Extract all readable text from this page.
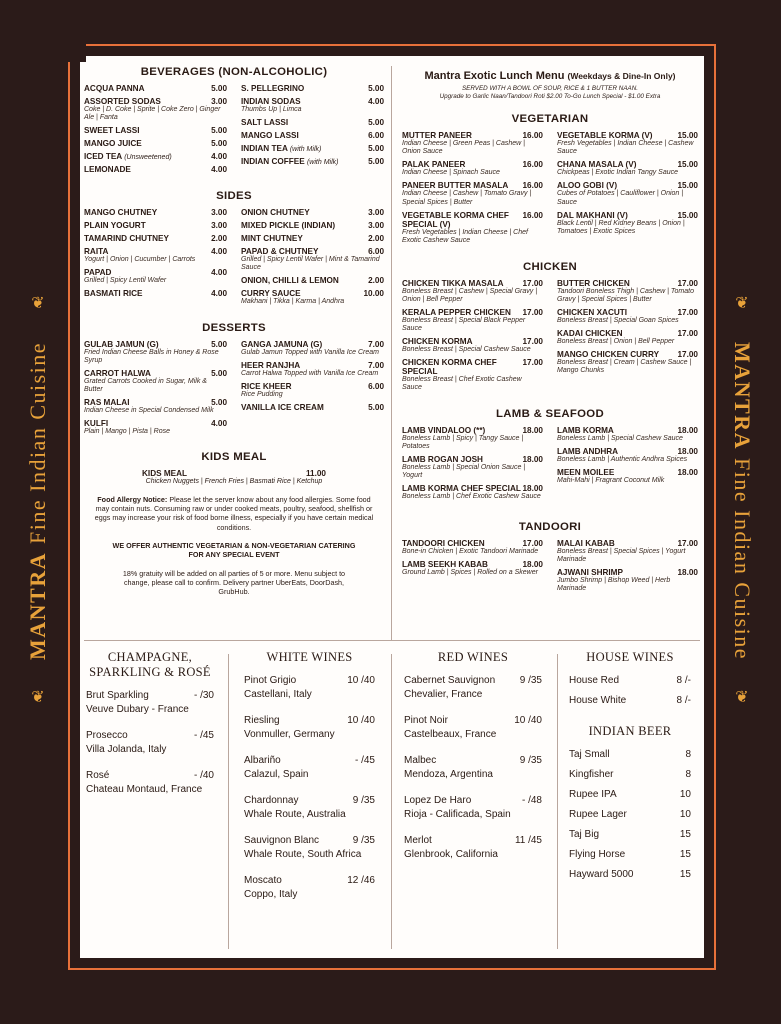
❦
MANTRA
Fine Indian Cuisine
❦
❦
MANTRA
Fine Indian Cuisine
❦
BEVERAGES (NON-ALCOHOLIC)
ACQUA PANNA	5.00
ASSORTED SODAS	3.00
Coke | D. Coke | Sprite | Coke Zero | Ginger Ale | Fanta
SWEET LASSI	5.00
MANGO JUICE	5.00
ICED TEA (Unsweetened)	4.00
LEMONADE	4.00
S. PELLEGRINO	5.00
INDIAN SODAS	4.00
Thumbs Up | Limca
SALT LASSI	5.00
MANGO LASSI	6.00
INDIAN TEA (with Milk)	5.00
INDIAN COFFEE (with Milk)	5.00
SIDES
MANGO CHUTNEY	3.00
PLAIN YOGURT	3.00
TAMARIND CHUTNEY	2.00
RAITA	4.00
Yogurt | Onion | Cucumber | Carrots
PAPAD	4.00
Grilled | Spicy Lentil Wafer
BASMATI RICE	4.00
ONION CHUTNEY	3.00
MIXED PICKLE (INDIAN)	3.00
MINT CHUTNEY	2.00
PAPAD & CHUTNEY	6.00
Grilled | Spicy Lentil Wafer | Mint & Tamarind Sauce
ONION, CHILLI & LEMON	2.00
CURRY SAUCE	10.00
Makhani | Tikka | Karma | Andhra
DESSERTS
GULAB JAMUN (G)	5.00
Fried Indian Cheese Balls in Honey & Rose Syrup
CARROT HALWA	5.00
Grated Carrots Cooked in Sugar, Milk & Butter
RAS MALAI	5.00
Indian Cheese in Special Condensed Milk
KULFI	4.00
Plain | Mango | Pista | Rose
GANGA JAMUNA (G)	7.00
Gulab Jamun Topped with Vanilla Ice Cream
HEER RANJHA	7.00
Carrot Halwa Topped with Vanilla Ice Cream
RICE KHEER	6.00
Rice Pudding
VANILLA ICE CREAM	5.00
KIDS MEAL
KIDS MEAL	11.00
Chicken Nuggets | French Fries | Basmati Rice | Ketchup

Food Allergy Notice: Please let the server know about any food allergies. Some food may contain nuts. Consuming raw or under cooked meats, poultry, seafood, shellfish or eggs may increase your risk of food borne illness, especially if you have certain medical conditions.

WE OFFER AUTHENTIC VEGETARIAN & NON-VEGETARIAN CATERING FOR ANY SPECIAL EVENT

18% gratuity will be added on all parties of 5 or more. Menu subject to change, please call to confirm. Delivery partner UberEats, DoorDash, GrubHub.

Mantra Exotic Lunch Menu (Weekdays & Dine-In Only)
SERVED WITH A BOWL OF SOUP, RICE & 1 BUTTER NAAN.
Upgrade to Garlic Naan/Tandoori Roti $2.00 To-Go Lunch Special - $1.00 Extra
VEGETARIAN
MUTTER PANEER	16.00
Indian Cheese | Green Peas | Cashew | Onion Sauce
PALAK PANEER	16.00
Indian Cheese | Spinach Sauce
PANEER BUTTER MASALA 16.00
Indian Cheese | Cashew | Tomato Gravy | Special Spices | Butter
VEGETABLE KORMA CHEF SPECIAL (V)
16.00
Fresh Vegetables | Indian Cheese | Chef Exotic Cashew Sauce
VEGETABLE KORMA (V)	15.00
Fresh Vegetables | Indian Cheese | Cashew Sauce
CHANA MASALA (V)	15.00
Chickpeas | Exotic Indian Tangy Sauce
ALOO GOBI (V)	15.00
Cubes of Potatoes | Cauliflower | Onion | Sauce
DAL MAKHANI (V)	15.00
Black Lentil | Red Kidney Beans | Onion | Tomatoes | Exotic Spices
CHICKEN
CHICKEN TIKKA MASALA 17.00
Boneless Breast | Cashew | Special Gravy | Onion | Bell Pepper
KERALA PEPPER CHICKEN 17.00
Boneless Breast | Special Black Pepper Sauce
CHICKEN KORMA	17.00
Boneless Breast | Special Cashew Sauce
CHICKEN KORMA CHEF SPECIAL
17.00
Boneless Breast | Chef Exotic Cashew Sauce
BUTTER CHICKEN	17.00
Tandoori Boneless Thigh | Cashew | Tomato Gravy | Special Spices | Butter
CHICKEN XACUTI	17.00
Boneless Breast | Special Goan Spices
KADAI CHICKEN	17.00
Boneless Breast | Onion | Bell Pepper
MANGO CHICKEN CURRY 17.00
Boneless Breast | Cream | Cashew Sauce | Mango Chunks
LAMB & SEAFOOD
LAMB VINDALOO (**)	18.00
Boneless Lamb | Spicy | Tangy Sauce | Potatoes
LAMB ROGAN JOSH	18.00
Boneless Lamb | Special Onion Sauce | Yogurt
LAMB KORMA CHEF SPECIAL 18.00
Boneless Lamb | Chef Exotic Cashew Sauce
LAMB KORMA	18.00
Boneless Lamb | Special Cashew Sauce
LAMB ANDHRA	18.00
Boneless Lamb | Authentic Andhra Spices
MEEN MOILEE	18.00
Mahi-Mahi | Fragrant Coconut Milk
TANDOORI
TANDOORI CHICKEN	17.00
Bone-in Chicken | Exotic Tandoori Marinade
LAMB SEEKH KABAB	18.00
Ground Lamb | Spices | Rolled on a Skewer
MALAI KABAB	17.00
Boneless Breast | Special Spices | Yogurt Marinade
AJWANI SHRIMP	18.00
Jumbo Shrimp | Bishop Weed | Herb Marinade
CHAMPAGNE,
SPARKLING & ROSÉ
Brut Sparkling	- /30
Veuve Dubary - France
Prosecco	- /45
Villa Jolanda, Italy
Rosé	- /40
Chateau Montaud, France
WHITE WINES
Pinot Grigio	10 /40
Castellani, Italy
Riesling	10 /40
Vonmuller, Germany
Albariño	- /45
Calazul, Spain
Chardonnay	9 /35
Whale Route, Australia
Sauvignon Blanc	9 /35
Whale Route, South Africa
Moscato	12 /46
Coppo, Italy
RED WINES
Cabernet Sauvignon 9 /35
Chevalier, France
Pinot Noir	10 /40
Castelbeaux, France
Malbec	9 /35
Mendoza, Argentina
Lopez De Haro	- /48
Rioja - Calificada, Spain
Merlot	11 /45
Glenbrook, California
HOUSE WINES
House Red	8 /-
House White	8 /-
INDIAN BEER
Taj Small	8
Kingfisher	8
Rupee IPA	10
Rupee Lager	10
Taj Big	15
Flying Horse	15
Hayward 5000	15
